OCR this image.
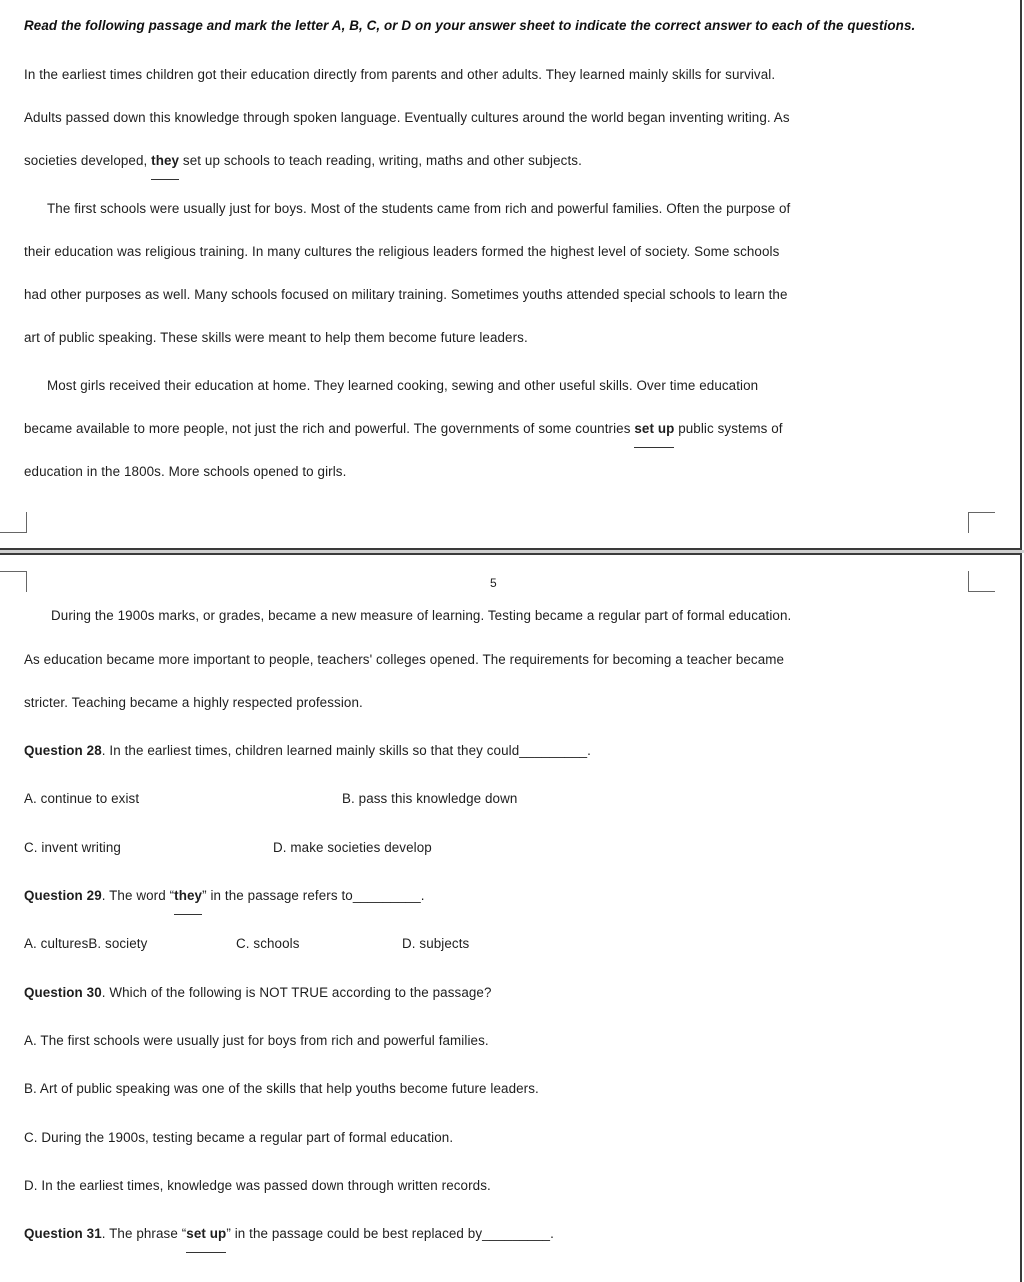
Read the following passage and mark the letter A, B, C, or D on your answer sheet to indicate the correct answer to each of the questions.
In the earliest times children got their education directly from parents and other adults. They learned mainly skills for survival.
Adults passed down this knowledge through spoken language. Eventually cultures around the world began inventing writing. As
societies developed, they set up schools to teach reading, writing, maths and other subjects.
The first schools were usually just for boys. Most of the students came from rich and powerful families. Often the purpose of
their education was religious training. In many cultures the religious leaders formed the highest level of society. Some schools
had other purposes as well. Many schools focused on military training. Sometimes youths attended special schools to learn the
art of public speaking. These skills were meant to help them become future leaders.
Most girls received their education at home. They learned cooking, sewing and other useful skills. Over time education
became available to more people, not just the rich and powerful. The governments of some countries set up public systems of
education in the 1800s. More schools opened to girls.
5
During the 1900s marks, or grades, became a new measure of learning. Testing became a regular part of formal education.
As education became more important to people, teachers' colleges opened. The requirements for becoming a teacher became
stricter. Teaching became a highly respected profession.
Question 28. In the earliest times, children learned mainly skills so that they could_________.
A. continue to exist	B. pass this knowledge down
C. invent writing	D. make societies develop
Question 29. The word “they” in the passage refers to_________.
A. culturesB. society	C. schools	D. subjects
Question 30. Which of the following is NOT TRUE according to the passage?
A. The first schools were usually just for boys from rich and powerful families.
B. Art of public speaking was one of the skills that help youths become future leaders.
C. During the 1900s, testing became a regular part of formal education.
D. In the earliest times, knowledge was passed down through written records.
Question 31. The phrase “set up” in the passage could be best replaced by_________.
